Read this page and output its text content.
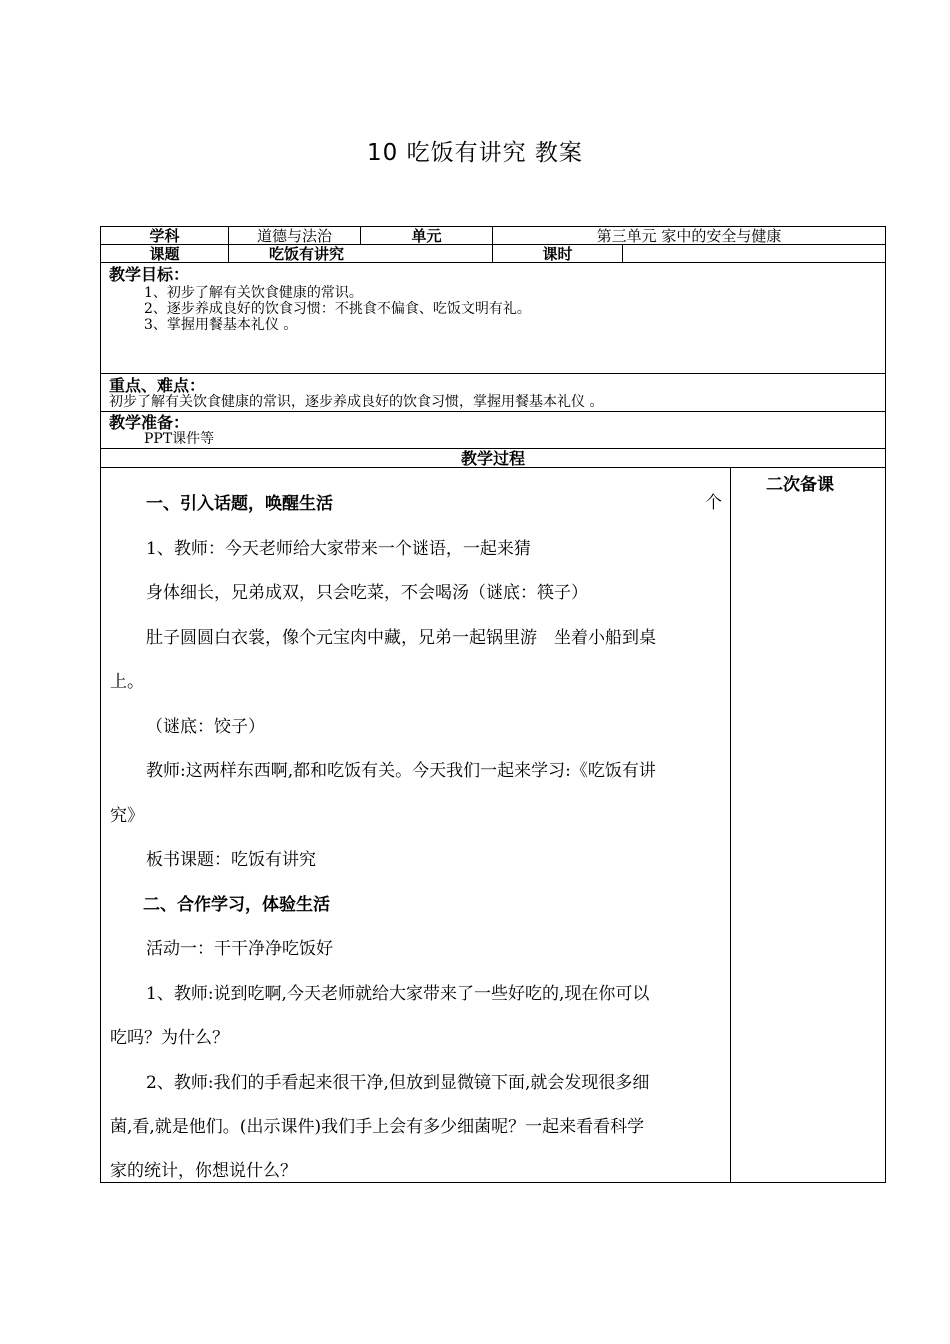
10 吃饭有讲究 教案
学科	道德与法治	单元	第三单元 家中的安全与健康
课题	吃饭有讲究	课时
教学目标：
1、初步了解有关饮食健康的常识。
2、逐步养成良好的饮食习惯：不挑食不偏食、吃饭文明有礼。
3、掌握用餐基本礼仪 。
重点、难点：
初步了解有关饮食健康的常识，逐步养成良好的饮食习惯，掌握用餐基本礼仪 。
教学准备：
PPT课件等
教学过程
二次备课
一、引入话题，唤醒生活	个
1、教师：今天老师给大家带来一个谜语，一起来猜
身体细长，兄弟成双，只会吃菜，不会喝汤（谜底：筷子）
肚子圆圆白衣裳，像个元宝肉中藏，兄弟一起锅里游　坐着小船到桌
上。
（谜底：饺子）
教师:这两样东西啊,都和吃饭有关。今天我们一起来学习:《吃饭有讲
究》
板书课题：吃饭有讲究
二、合作学习，体验生活
活动一：干干净净吃饭好
1、教师:说到吃啊,今天老师就给大家带来了一些好吃的,现在你可以
吃吗？为什么？
2、教师:我们的手看起来很干净,但放到显微镜下面,就会发现很多细
菌,看,就是他们。(出示课件)我们手上会有多少细菌呢？一起来看看科学
家的统计，你想说什么？
